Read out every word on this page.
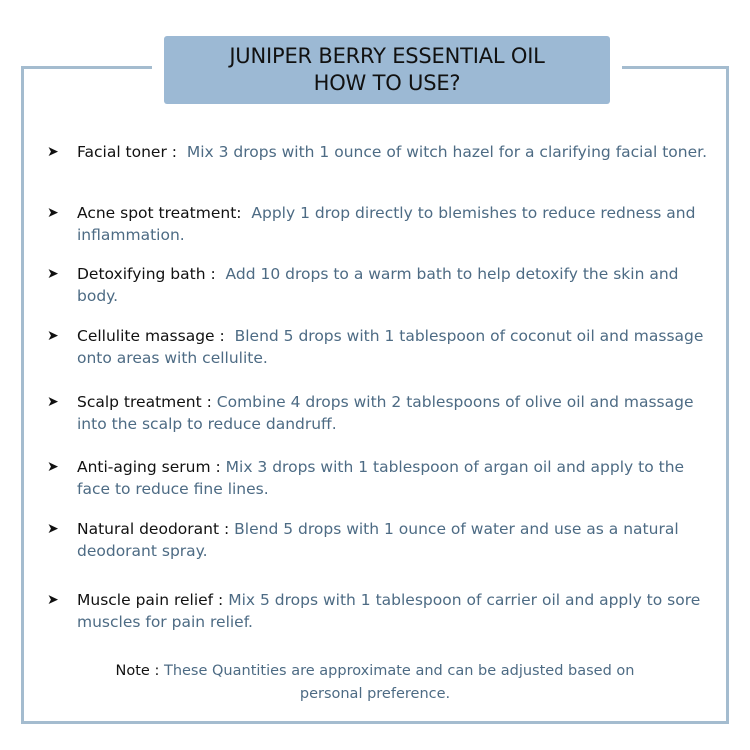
JUNIPER BERRY ESSENTIAL OIL
HOW TO USE?
➤ Facial toner : Mix 3 drops with 1 ounce of witch hazel for a clarifying facial toner.
➤ Acne spot treatment: Apply 1 drop directly to blemishes to reduce redness and inflammation.
➤ Detoxifying bath : Add 10 drops to a warm bath to help detoxify the skin and body.
➤ Cellulite massage : Blend 5 drops with 1 tablespoon of coconut oil and massage onto areas with cellulite.
➤ Scalp treatment : Combine 4 drops with 2 tablespoons of olive oil and massage into the scalp to reduce dandruff.
➤ Anti-aging serum : Mix 3 drops with 1 tablespoon of argan oil and apply to the face to reduce fine lines.
➤ Natural deodorant : Blend 5 drops with 1 ounce of water and use as a natural deodorant spray.
➤ Muscle pain relief : Mix 5 drops with 1 tablespoon of carrier oil and apply to sore muscles for pain relief.
Note : These Quantities are approximate and can be adjusted based on personal preference.
